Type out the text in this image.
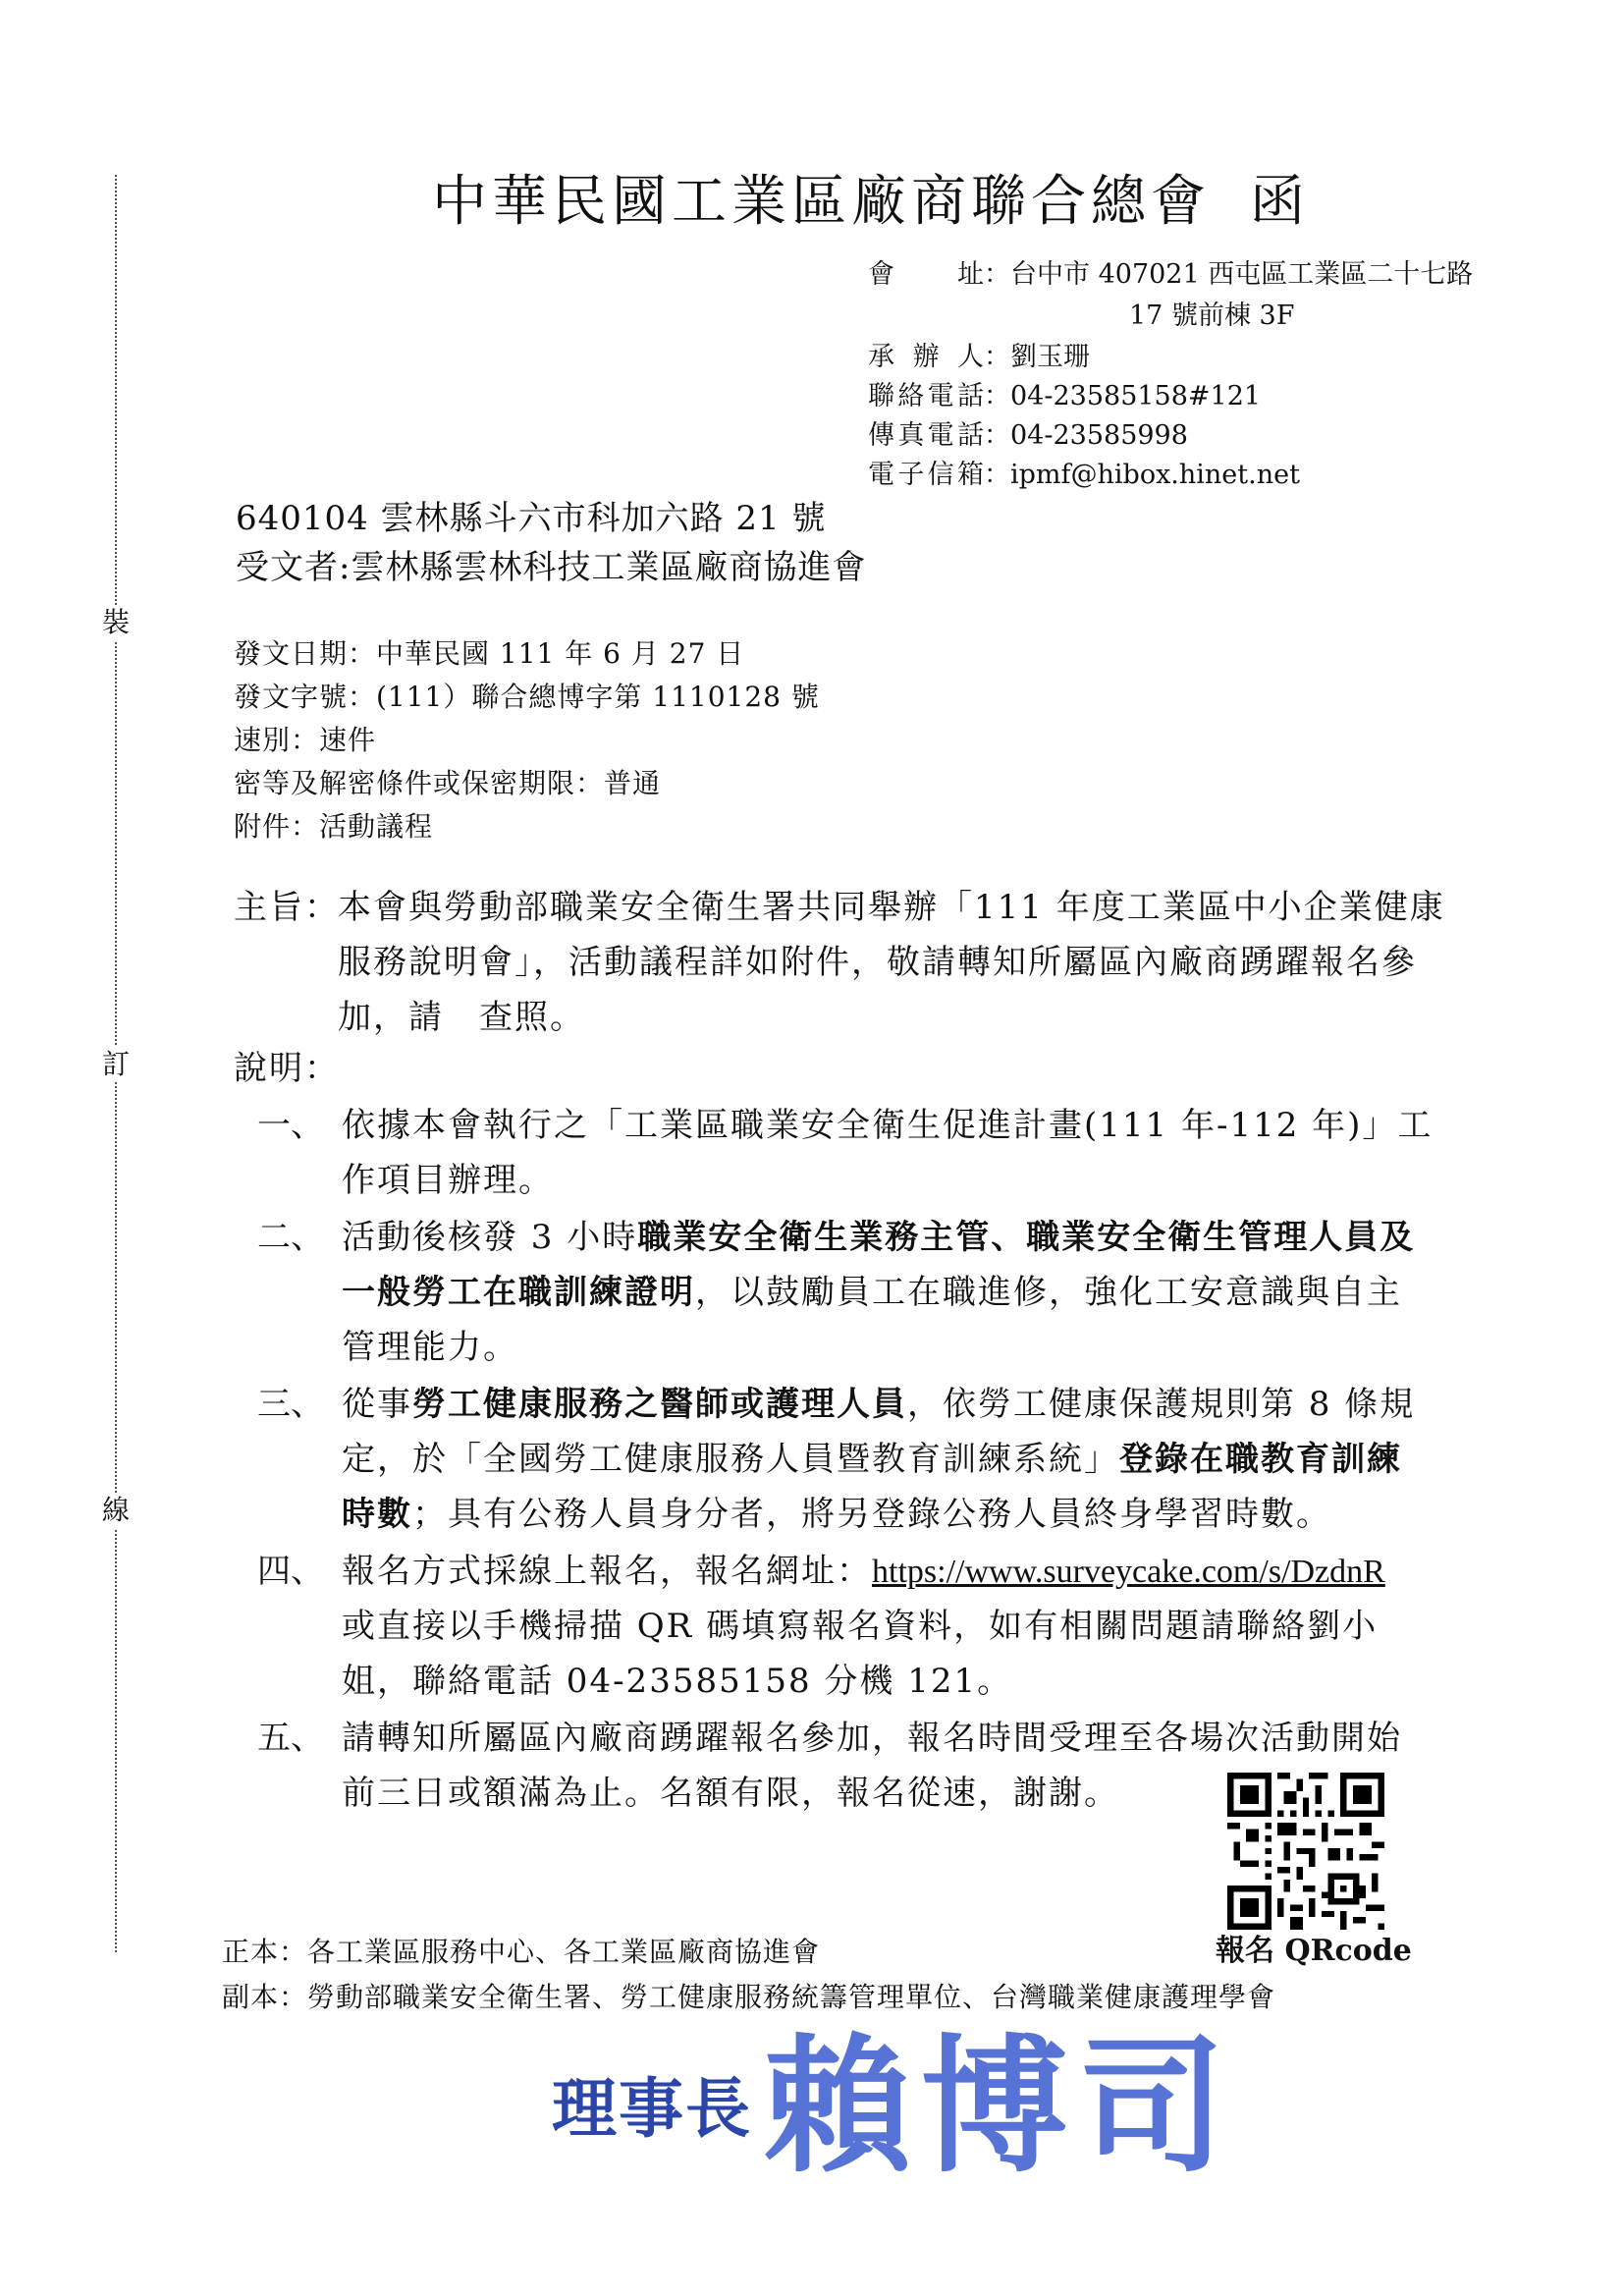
裝
訂
線
中華民國工業區廠商聯合總會 函
會 址：台中市 407021 西屯區工業區二十七路
17 號前棟 3F
承 辦 人：劉玉珊
聯絡電話：04-23585158#121
傳真電話：04-23585998
電子信箱：ipmf@hibox.hinet.net
640104 雲林縣斗六市科加六路 21 號
受文者:雲林縣雲林科技工業區廠商協進會
發文日期：中華民國 111 年 6 月 27 日
發文字號：(111）聯合總博字第 1110128 號
速別：速件
密等及解密條件或保密期限：普通
附件：活動議程
主旨：
本會與勞動部職業安全衛生署共同舉辦「111 年度工業區中小企業健康
服務說明會」，活動議程詳如附件，敬請轉知所屬區內廠商踴躍報名參
加，請　查照。
說明：
一、 依據本會執行之「工業區職業安全衛生促進計畫(111 年-112 年)」工
作項目辦理。
二、 活動後核發 3 小時職業安全衛生業務主管、職業安全衛生管理人員及
一般勞工在職訓練證明，以鼓勵員工在職進修，強化工安意識與自主
管理能力。
三、 從事勞工健康服務之醫師或護理人員，依勞工健康保護規則第 8 條規
定，於「全國勞工健康服務人員暨教育訓練系統」登錄在職教育訓練
時數；具有公務人員身分者，將另登錄公務人員終身學習時數。
四、 報名方式採線上報名，報名網址：https://www.surveycake.com/s/DzdnR
或直接以手機掃描 QR 碼填寫報名資料，如有相關問題請聯絡劉小
姐，聯絡電話 04-23585158 分機 121。
五、 請轉知所屬區內廠商踴躍報名參加，報名時間受理至各場次活動開始
前三日或額滿為止。名額有限，報名從速，謝謝。
報名 QRcode
正本：各工業區服務中心、各工業區廠商協進會
副本：勞動部職業安全衛生署、勞工健康服務統籌管理單位、台灣職業健康護理學會
理事長 賴博司
